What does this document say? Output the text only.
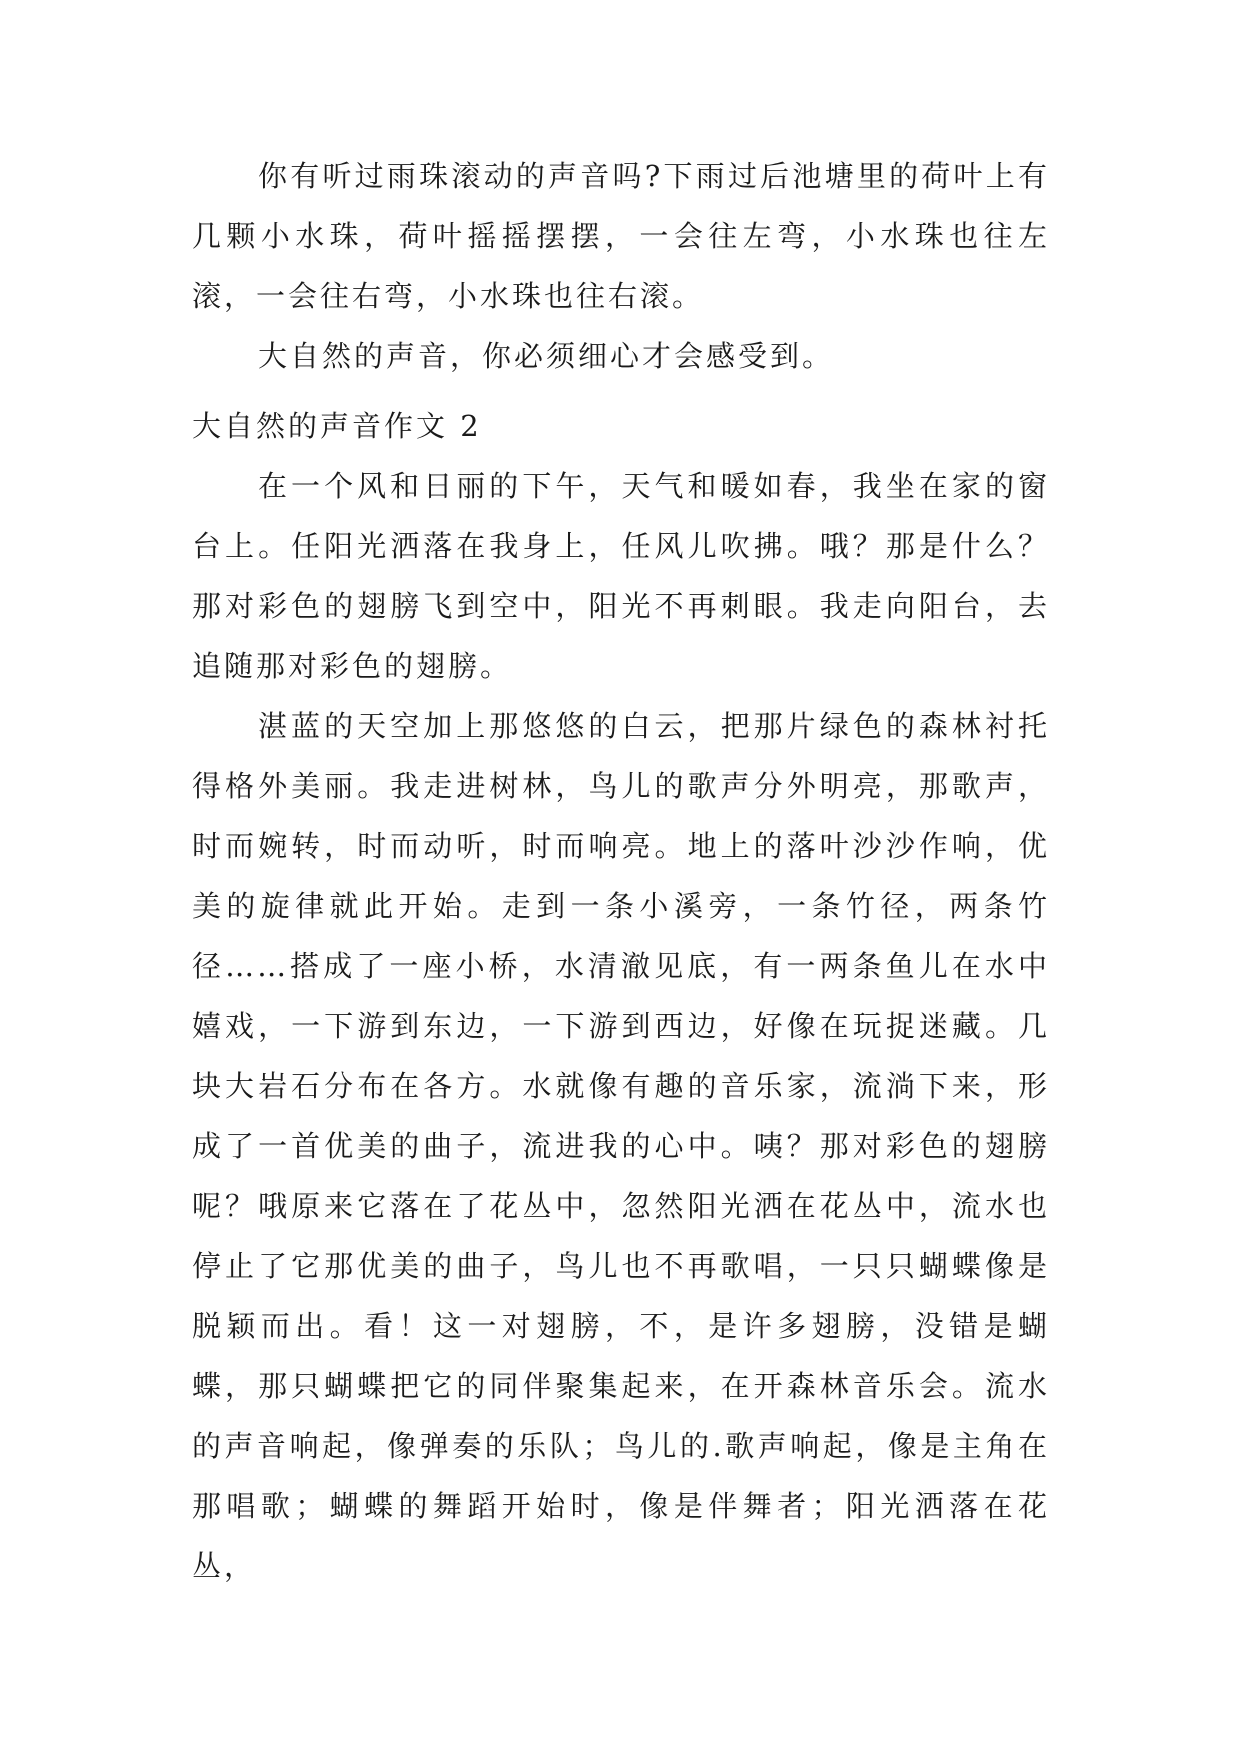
你有听过雨珠滚动的声音吗?下雨过后池塘里的荷叶上有几颗小水珠，荷叶摇摇摆摆，一会往左弯，小水珠也往左滚，一会往右弯，小水珠也往右滚。

大自然的声音，你必须细心才会感受到。

大自然的声音作文 2

在一个风和日丽的下午，天气和暖如春，我坐在家的窗台上。任阳光洒落在我身上，任风儿吹拂。哦？那是什么？那对彩色的翅膀飞到空中，阳光不再刺眼。我走向阳台，去追随那对彩色的翅膀。

湛蓝的天空加上那悠悠的白云，把那片绿色的森林衬托得格外美丽。我走进树林，鸟儿的歌声分外明亮，那歌声，时而婉转，时而动听，时而响亮。地上的落叶沙沙作响，优美的旋律就此开始。走到一条小溪旁，一条竹径，两条竹径……搭成了一座小桥，水清澈见底，有一两条鱼儿在水中嬉戏，一下游到东边，一下游到西边，好像在玩捉迷藏。几块大岩石分布在各方。水就像有趣的音乐家，流淌下来，形成了一首优美的曲子，流进我的心中。咦？那对彩色的翅膀呢？哦原来它落在了花丛中，忽然阳光洒在花丛中，流水也停止了它那优美的曲子，鸟儿也不再歌唱，一只只蝴蝶像是脱颖而出。看！这一对翅膀，不，是许多翅膀，没错是蝴蝶，那只蝴蝶把它的同伴聚集起来，在开森林音乐会。流水的声音响起，像弹奏的乐队；鸟儿的.歌声响起，像是主角在那唱歌；蝴蝶的舞蹈开始时，像是伴舞者；阳光洒落在花丛，
